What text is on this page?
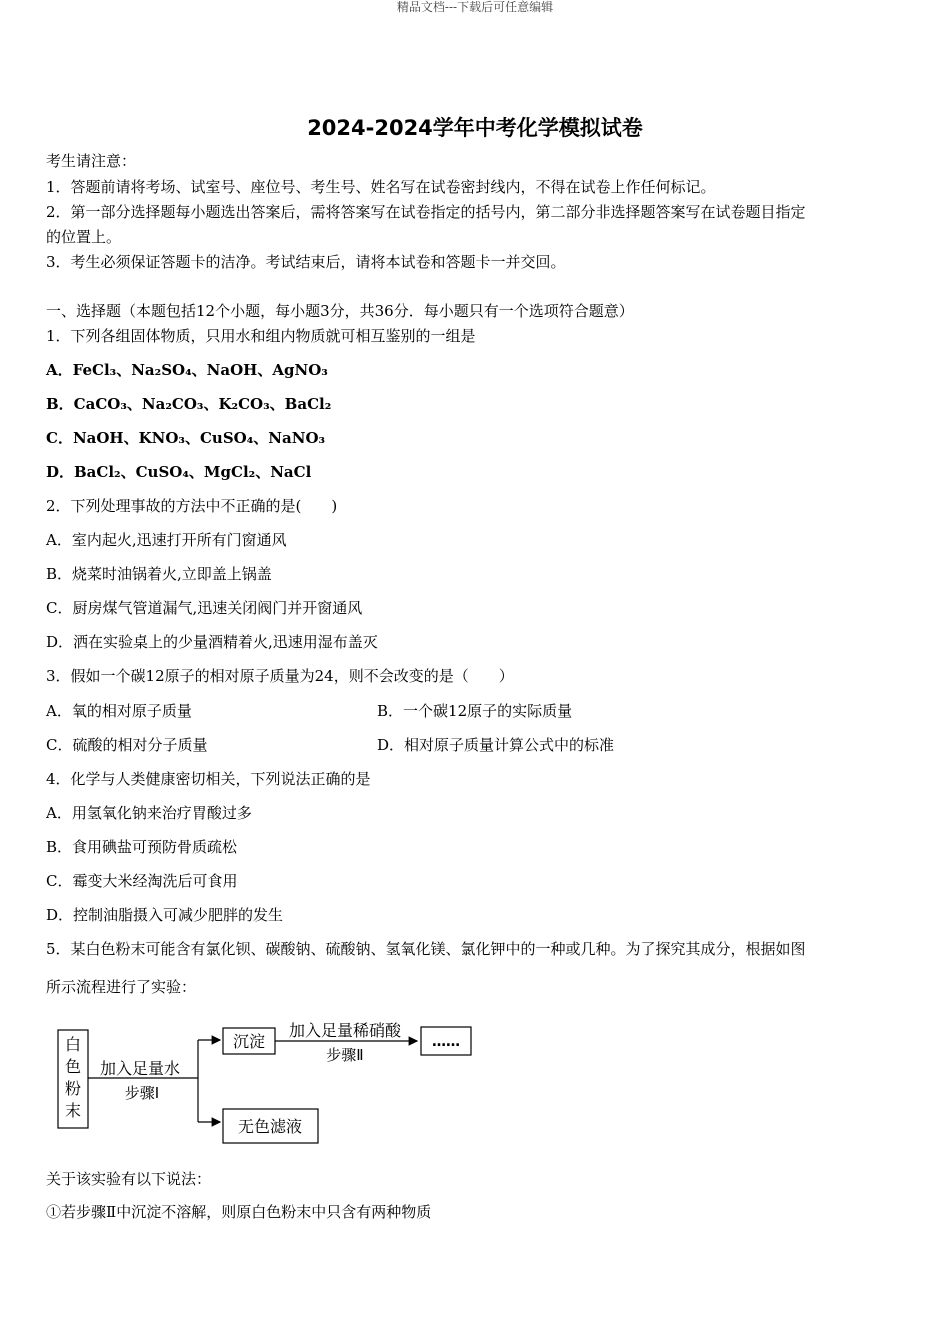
精品文档---下载后可任意编辑
2024-2024学年中考化学模拟试卷
考生请注意：
1．答题前请将考场、试室号、座位号、考生号、姓名写在试卷密封线内，不得在试卷上作任何标记。
2．第一部分选择题每小题选出答案后，需将答案写在试卷指定的括号内，第二部分非选择题答案写在试卷题目指定
的位置上。
3．考生必须保证答题卡的洁净。考试结束后，请将本试卷和答题卡一并交回。
一、选择题（本题包括12个小题，每小题3分，共36分．每小题只有一个选项符合题意）
1．下列各组固体物质，只用水和组内物质就可相互鉴别的一组是
A．FeCl₃、Na₂SO₄、NaOH、AgNO₃
B．CaCO₃、Na₂CO₃、K₂CO₃、BaCl₂
C．NaOH、KNO₃、CuSO₄、NaNO₃
D．BaCl₂、CuSO₄、MgCl₂、NaCl
2．下列处理事故的方法中不正确的是(　　)
A．室内起火,迅速打开所有门窗通风
B．烧菜时油锅着火,立即盖上锅盖
C．厨房煤气管道漏气,迅速关闭阀门并开窗通风
D．洒在实验桌上的少量酒精着火,迅速用湿布盖灭
3．假如一个碳12原子的相对原子质量为24，则不会改变的是（　　）
A．氧的相对原子质量	B．一个碳12原子的实际质量
C．硫酸的相对分子质量	D．相对原子质量计算公式中的标准
4．化学与人类健康密切相关，下列说法正确的是
A．用氢氧化钠来治疗胃酸过多
B．食用碘盐可预防骨质疏松
C．霉变大米经淘洗后可食用
D．控制油脂摄入可减少肥胖的发生
5．某白色粉末可能含有氯化钡、碳酸钠、硫酸钠、氢氧化镁、氯化钾中的一种或几种。为了探究其成分，根据如图
所示流程进行了实验：
白
色
粉
末
加入足量水
步骤Ⅰ
沉淀
加入足量稀硝酸
步骤Ⅱ
……
无色滤液
关于该实验有以下说法：
①若步骤Ⅱ中沉淀不溶解，则原白色粉末中只含有两种物质
